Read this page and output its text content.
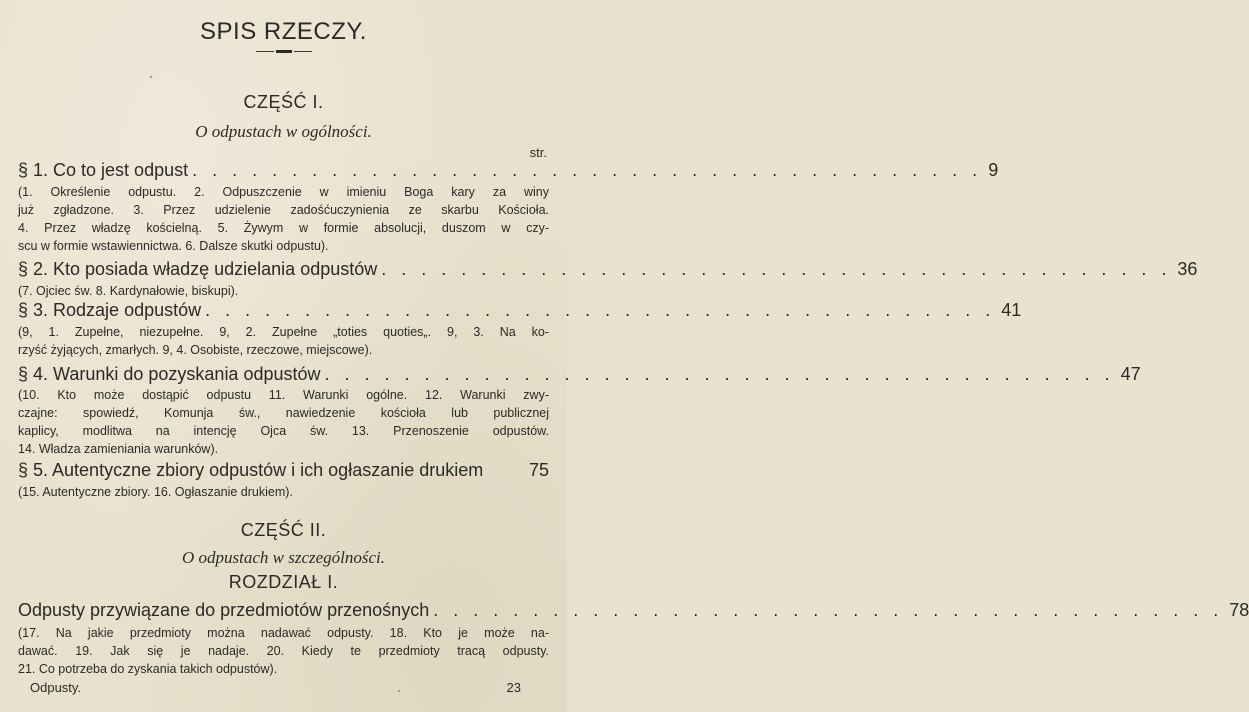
SPIS RZECZY.
CZĘŚĆ I.
O odpustach w ogólności.
str.
§ 1. Co to jest odpust . . . . . . . . . . . . . . . . . . . . . . . . . . . . . . . . . . . . . . . . 9
(1. Określenie odpustu. 2. Odpuszczenie w imieniu Boga kary za winy
już zgładzone. 3. Przez udzielenie zadośćuczynienia ze skarbu Kościoła.
4. Przez władzę kościelną. 5. Żywym w formie absolucji, duszom w czy-
scu w formie wstawiennictwa. 6. Dalsze skutki odpustu).
§ 2. Kto posiada władzę udzielania odpustów . . . . . . . . . . . . . . . . . . . . . . . . . . . . . . . . . . . . . . . . 36
(7. Ojciec św. 8. Kardynałowie, biskupi).
§ 3. Rodzaje odpustów . . . . . . . . . . . . . . . . . . . . . . . . . . . . . . . . . . . . . . . . 41
(9, 1. Zupełne, niezupełne. 9, 2. Zupełne „toties quoties„. 9, 3. Na ko-
rzyść żyjących, zmarłych. 9, 4. Osobiste, rzeczowe, miejscowe).
§ 4. Warunki do pozyskania odpustów . . . . . . . . . . . . . . . . . . . . . . . . . . . . . . . . . . . . . . . . 47
(10. Kto może dostąpić odpustu 11. Warunki ogólne. 12. Warunki zwy-
czajne: spowiedź, Komunja św., nawiedzenie kościoła lub publicznej
kaplicy, modlitwa na intencję Ojca św. 13. Przenoszenie odpustów.
14. Władza zamieniania warunków).
§ 5. Autentyczne zbiory odpustów i ich ogłaszanie drukiem	75
(15. Autentyczne zbiory. 16. Ogłaszanie drukiem).
CZĘŚĆ II.
O odpustach w szczególności.
ROZDZIAŁ I.
Odpusty przywiązane do przedmiotów przenośnych . . . . . . . . . . . . . . . . . . . . . . . . . . . . . . . . . . . . . . . . 78
(17. Na jakie przedmioty można nadawać odpusty. 18. Kto je może na-
dawać. 19. Jak się je nadaje. 20. Kiedy te przedmioty tracą odpusty.
21. Co potrzeba do zyskania takich odpustów).
Odpusty.	23
